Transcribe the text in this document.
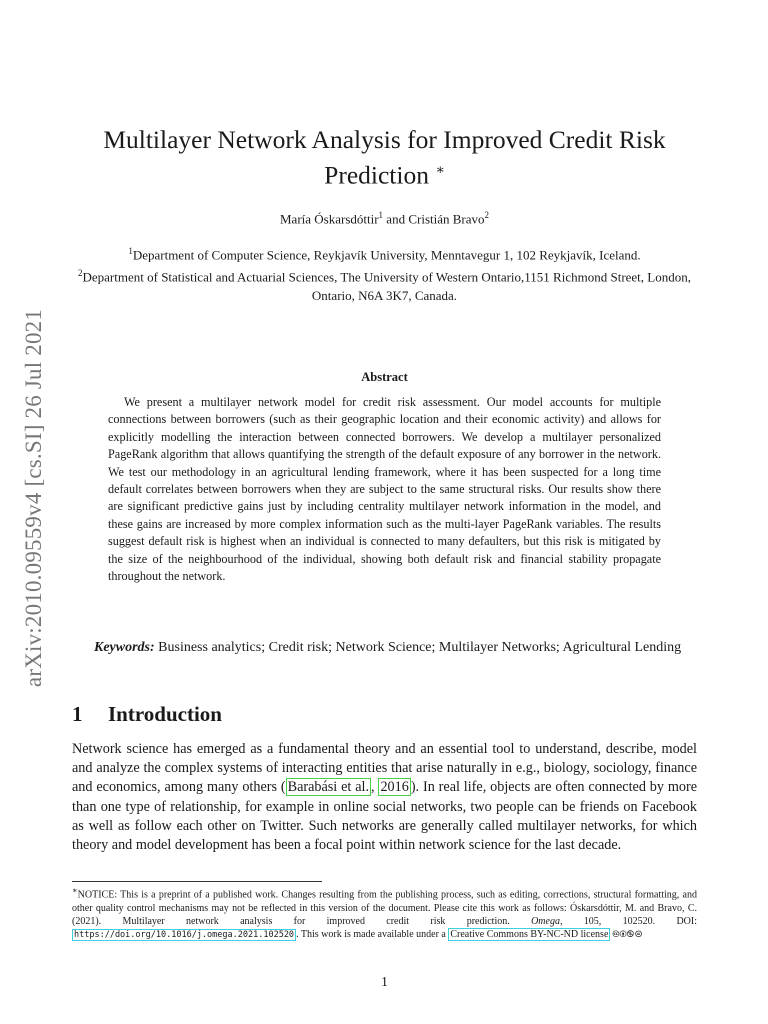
arXiv:2010.09559v4 [cs.SI] 26 Jul 2021
Multilayer Network Analysis for Improved Credit Risk Prediction ∗
María Óskarsdóttir$^1$ and Cristián Bravo$^2$
$^1$Department of Computer Science, Reykjavík University, Menntavegur 1, 102 Reykjavík, Iceland.
$^2$Department of Statistical and Actuarial Sciences, The University of Western Ontario,1151 Richmond Street, London, Ontario, N6A 3K7, Canada.
Abstract
We present a multilayer network model for credit risk assessment. Our model accounts for multiple connections between borrowers (such as their geographic location and their economic activity) and allows for explicitly modelling the interaction between connected borrowers. We develop a multilayer personalized PageRank algorithm that allows quantifying the strength of the default exposure of any borrower in the network. We test our methodology in an agricultural lending framework, where it has been suspected for a long time default correlates between borrowers when they are subject to the same structural risks. Our results show there are significant predictive gains just by including centrality multilayer network information in the model, and these gains are increased by more complex information such as the multi-layer PageRank variables. The results suggest default risk is highest when an individual is connected to many defaulters, but this risk is mitigated by the size of the neighbourhood of the individual, showing both default risk and financial stability propagate throughout the network.
Keywords: Business analytics; Credit risk; Network Science; Multilayer Networks; Agricultural Lending
1 Introduction
Network science has emerged as a fundamental theory and an essential tool to understand, describe, model and analyze the complex systems of interacting entities that arise naturally in e.g., biology, sociology, finance and economics, among many others ( Barabási et al. , 2016 ). In real life, objects are often connected by more than one type of relationship, for example in online social networks, two people can be friends on Facebook as well as follow each other on Twitter. Such networks are generally called multilayer networks, for which theory and model development has been a focal point within network science for the last decade.
∗NOTICE: This is a preprint of a published work. Changes resulting from the publishing process, such as editing, corrections, structural formatting, and other quality control mechanisms may not be reflected in this version of the document. Please cite this work as follows: Óskarsdóttir, M. and Bravo, C. (2021). Multilayer network analysis for improved credit risk prediction. Omega, 105, 102520. DOI: https://doi.org/10.1016/j.omega.2021.102520 . This work is made available under a Creative Commons BY-NC-ND license 🅭🅯🄏⊜
1
